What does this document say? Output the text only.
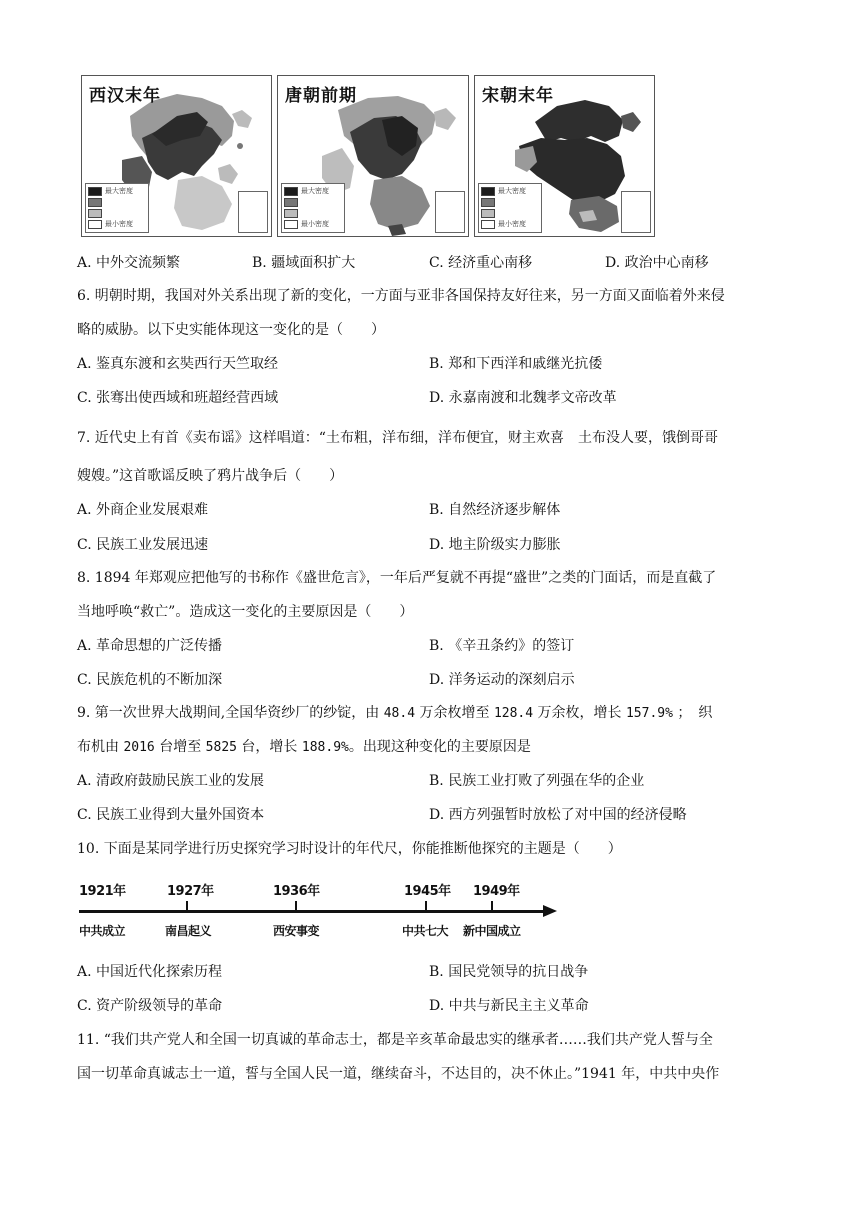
西汉末年
最大密度
最小密度
唐朝前期
最大密度
最小密度
宋朝末年
最大密度
最小密度
A. 中外交流频繁	B. 疆域面积扩大	C. 经济重心南移	D. 政治中心南移
6. 明朝时期，我国对外关系出现了新的变化，一方面与亚非各国保持友好往来，另一方面又面临着外来侵
略的威胁。以下史实能体现这一变化的是（　　）
A. 鉴真东渡和玄奘西行天竺取经	B. 郑和下西洋和戚继光抗倭
C. 张骞出使西域和班超经营西域	D. 永嘉南渡和北魏孝文帝改革
7. 近代史上有首《卖布谣》这样唱道：“土布粗，洋布细，洋布便宜，财主欢喜　土布没人要，饿倒哥哥
嫂嫂。”这首歌谣反映了鸦片战争后（　　）
A. 外商企业发展艰难	B. 自然经济逐步解体
C. 民族工业发展迅速	D. 地主阶级实力膨胀
8. 1894 年郑观应把他写的书称作《盛世危言》，一年后严复就不再提“盛世”之类的门面话，而是直截了
当地呼唤“救亡”。造成这一变化的主要原因是（　　）
A. 革命思想的广泛传播	B. 《辛丑条约》的签订
C. 民族危机的不断加深	D. 洋务运动的深刻启示
9. 第一次世界大战期间,全国华资纱厂的纱锭，由 48.4 万余枚增至 128.4 万余枚，增长 157.9% ；　织
布机由 2016 台增至 5825 台，增长 188.9%。出现这种变化的主要原因是
A. 清政府鼓励民族工业的发展	B. 民族工业打败了列强在华的企业
C. 民族工业得到大量外国资本	D. 西方列强暂时放松了对中国的经济侵略
10. 下面是某同学进行历史探究学习时设计的年代尺，你能推断他探究的主题是（　　）
1921年
中共成立
1927年
南昌起义
1936年
西安事变
1945年
中共七大
1949年
新中国成立
A. 中国近代化探索历程	B. 国民党领导的抗日战争
C. 资产阶级领导的革命	D. 中共与新民主主义革命
11. “我们共产党人和全国一切真诚的革命志士，都是辛亥革命最忠实的继承者……我们共产党人誓与全
国一切革命真诚志士一道，誓与全国人民一道，继续奋斗，不达目的，决不休止。”1941 年，中共中央作
